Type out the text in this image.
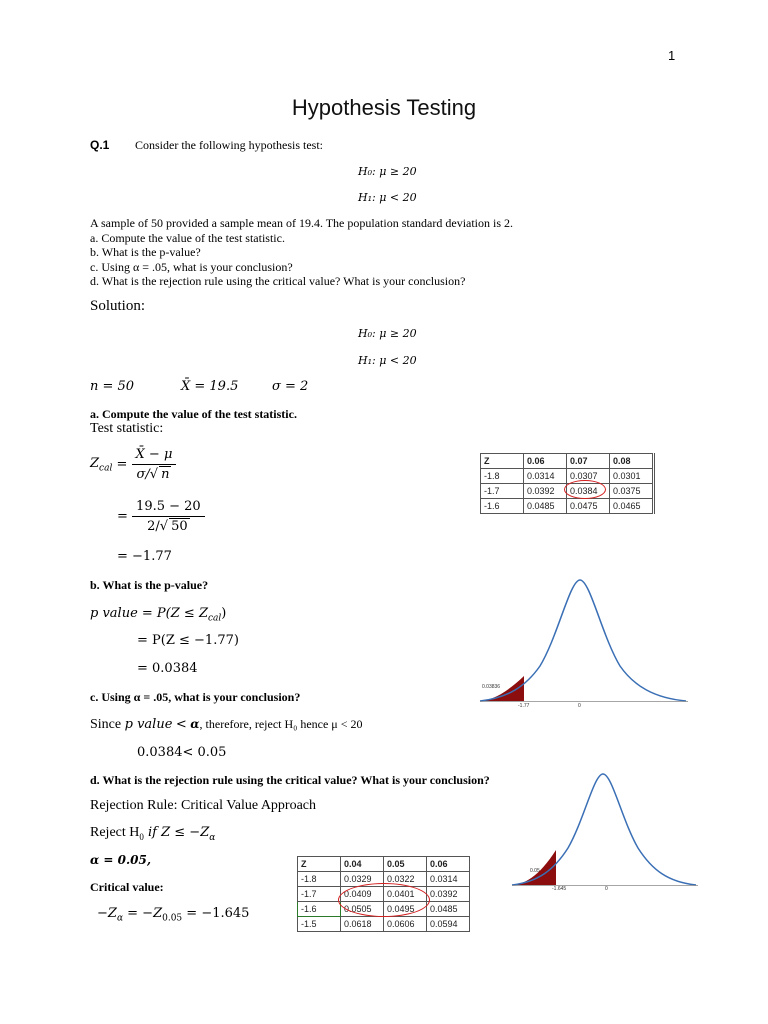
1
Hypothesis Testing
Q.1 Consider the following hypothesis test:
H₀: μ ≥ 20
H₁: μ < 20
A sample of 50 provided a sample mean of 19.4. The population standard deviation is 2.
a. Compute the value of the test statistic.
b. What is the p-value?
c. Using α = .05, what is your conclusion?
d. What is the rejection rule using the critical value? What is your conclusion?
Solution:
H₀: μ ≥ 20
H₁: μ < 20
n = 50	X̄ = 19.5	σ = 2
a. Compute the value of the test statistic.
Test statistic:
$Z_{cal} = \frac{X̄ - \mu}{\sigma/√ n}$
= $\frac{19.5 - 20}{2/√ 50}$
= −1.77
Z	0.06	0.07	0.08
-1.8	0.0314	0.0307	0.0301
-1.7	0.0392	0.0384	0.0375
-1.6	0.0485	0.0475	0.0465
b. What is the p-value?
p value = $P(Z \le Z_{cal})$
= P(Z ≤ −1.77)
= 0.0384
0.03836
-1.77	0
c. Using α = .05, what is your conclusion?
Since p value < α, therefore, reject H₀ hence μ < 20
0.0384< 0.05
d. What is the rejection rule using the critical value? What is your conclusion?
Rejection Rule: Critical Value Approach
Reject $H_0$ if $Z \le -Z_\alpha$
α = 0.05,
Critical value:
$-Z_\alpha = -Z_{0.05} = -1.645$
Z	0.04	0.05	0.06
-1.8	0.0329	0.0322	0.0314
-1.7	0.0409	0.0401	0.0392
-1.6	0.0505	0.0495	0.0485
-1.5	0.0618	0.0606	0.0594
0.05
-1.645	0
